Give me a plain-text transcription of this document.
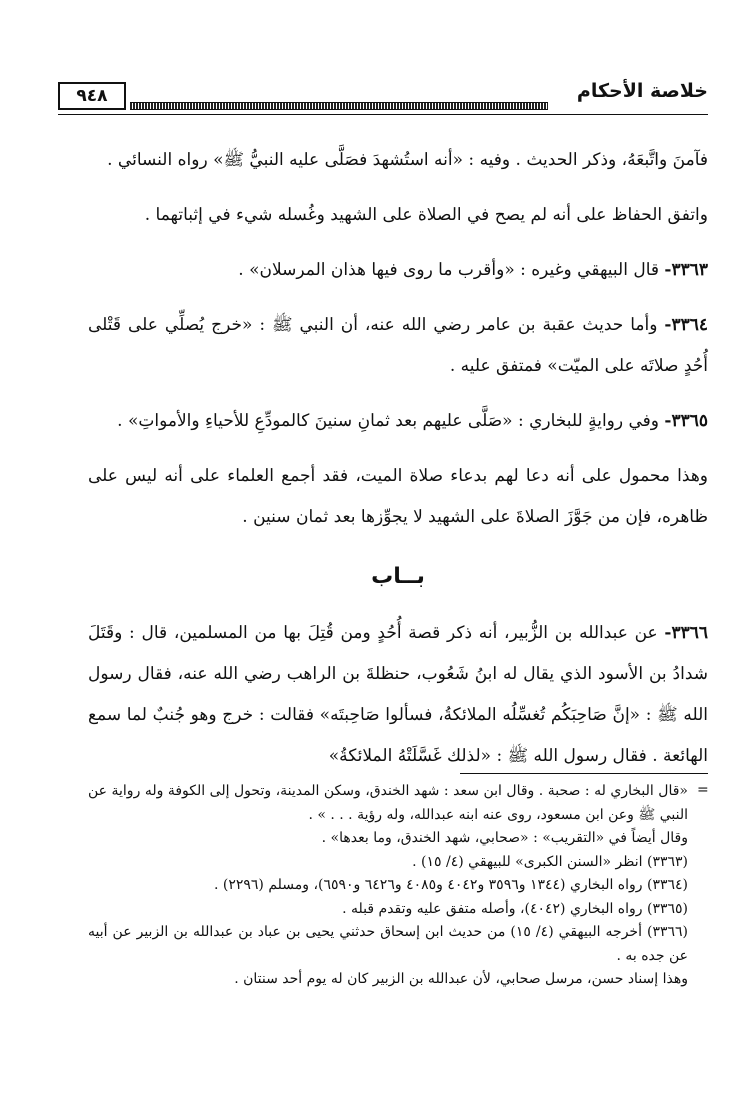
خلاصة الأحكام
٩٤٨

فآمنَ واتَّبعَهُ، وذكر الحديث . وفيه : «أنه استُشهدَ فصَلَّى عليه النبيُّ ﷺ» رواه النسائي .

واتفق الحفاظ على أنه لم يصح في الصلاة على الشهيد وغُسله شيء في إثباتهما .

٣٣٦٣- قال البيهقي وغيره : «وأقرب ما روى فيها هذان المرسلان» .

٣٣٦٤- وأما حديث عقبة بن عامر رضي الله عنه، أن النبي ﷺ : «خرج يُصلِّي على قَتْلى أُحُدٍ صلاتَه على الميّت» فمتفق عليه .

٣٣٦٥- وفي روايةٍ للبخاري : «صَلَّى عليهم بعد ثمانِ سنينَ كالمودِّعِ للأحياءِ والأمواتِ» .

وهذا محمول على أنه دعا لهم بدعاء صلاة الميت، فقد أجمع العلماء على أنه ليس على ظاهره، فإن من جَوَّزَ الصلاةَ على الشهيد لا يجوِّزها بعد ثمان سنين .

بــاب

٣٣٦٦- عن عبدالله بن الزُّبير، أنه ذكر قصة أُحُدٍ ومن قُتِلَ بها من المسلمين، قال : وقَتَلَ شدادُ بن الأسود الذي يقال له ابنُ شَعُوب، حنظلةَ بن الراهب رضي الله عنه، فقال رسول الله ﷺ : «إنَّ صَاحِبَكُم تُغسِّلُه الملائكةُ، فسألوا صَاحِبتَه» فقالت : خرج وهو جُنبٌ لما سمع الهائعة . فقال رسول الله ﷺ : «لذلك غَسَّلَتْهُ الملائكةُ»

=

«قال البخاري له : صحبة . وقال ابن سعد : شهد الخندق، وسكن المدينة، وتحول إلى الكوفة وله رواية عن النبي ﷺ وعن ابن مسعود، روى عنه ابنه عبدالله، وله رؤية . . . » .

وقال أيضاً في «التقريب» : «صحابي، شهد الخندق، وما بعدها» .

(٣٣٦٣) انظر «السنن الكبرى» للبيهقي (٤/ ١٥) .

(٣٣٦٤) رواه البخاري (١٣٤٤ و٣٥٩٦ و٤٠٤٢ و٤٠٨٥ و٦٤٢٦ و٦٥٩٠)، ومسلم (٢٢٩٦) .

(٣٣٦٥) رواه البخاري (٤٠٤٢)، وأصله متفق عليه وتقدم قبله .

(٣٣٦٦) أخرجه البيهقي (٤/ ١٥) من حديث ابن إسحاق حدثني يحيى بن عباد بن عبدالله بن الزبير عن أبيه عن جده به .

وهذا إسناد حسن، مرسل صحابي، لأن عبدالله بن الزبير كان له يوم أحد سنتان .
